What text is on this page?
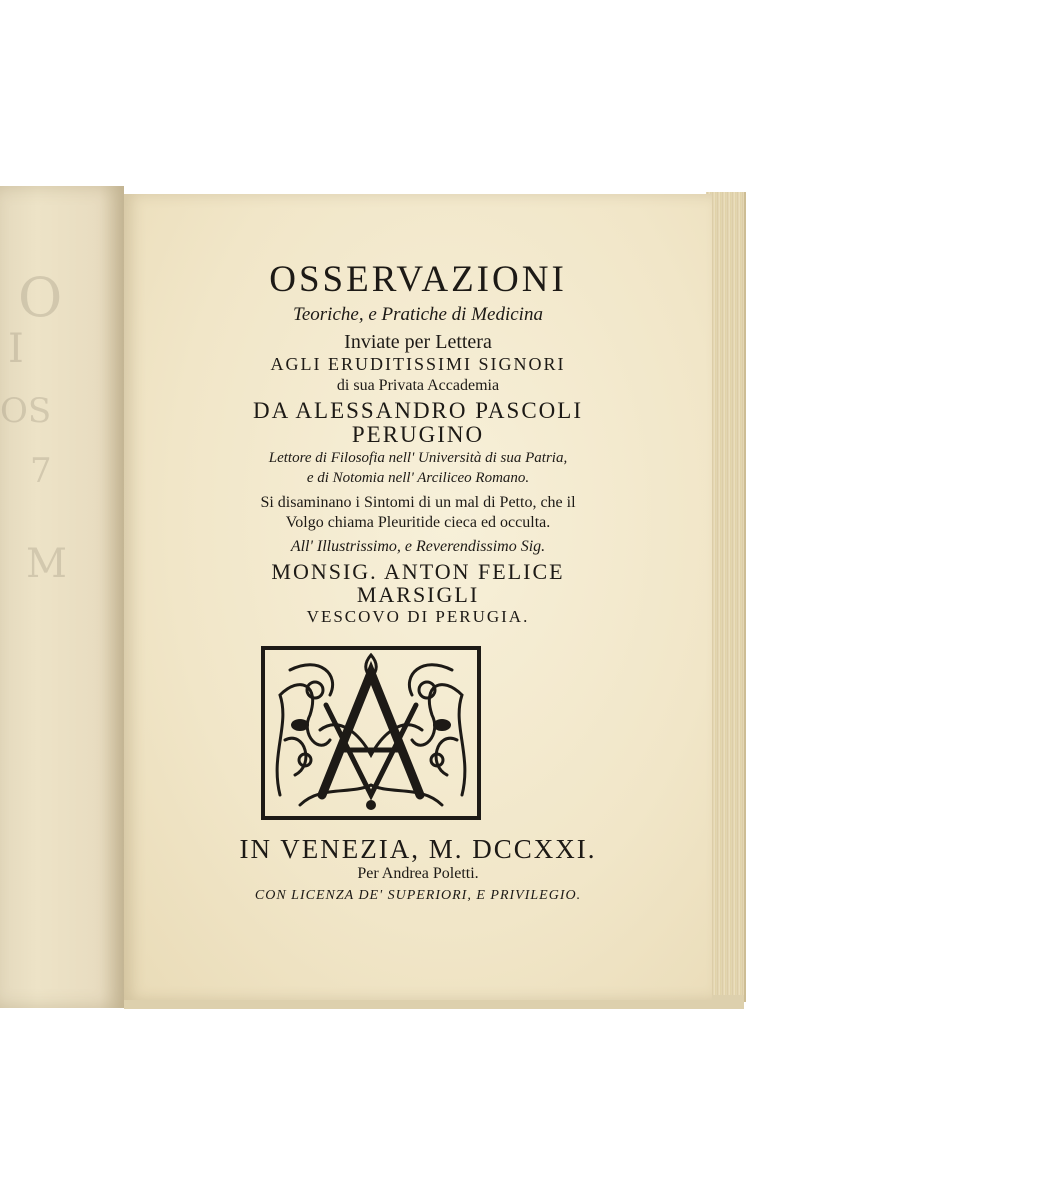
O
I
OS
7
M
OSSERVAZIONI
Teoriche, e Pratiche di Medicina
Inviate per Lettera
AGLI ERUDITISSIMI SIGNORI
di sua Privata Accademia
DA ALESSANDRO PASCOLI
PERUGINO
Lettore di Filosofia nell' Università di sua Patria,
e di Notomia nell' Arciliceo Romano.
Si disaminano i Sintomi di un mal di Petto, che il
Volgo chiama Pleuritide cieca ed occulta.
All' Illustrissimo, e Reverendissimo Sig.
MONSIG. ANTON FELICE
MARSIGLI
VESCOVO DI PERUGIA.
IN VENEZIA, M. DCCXXI.
Per Andrea Poletti.
CON LICENZA DE' SUPERIORI, E PRIVILEGIO.
